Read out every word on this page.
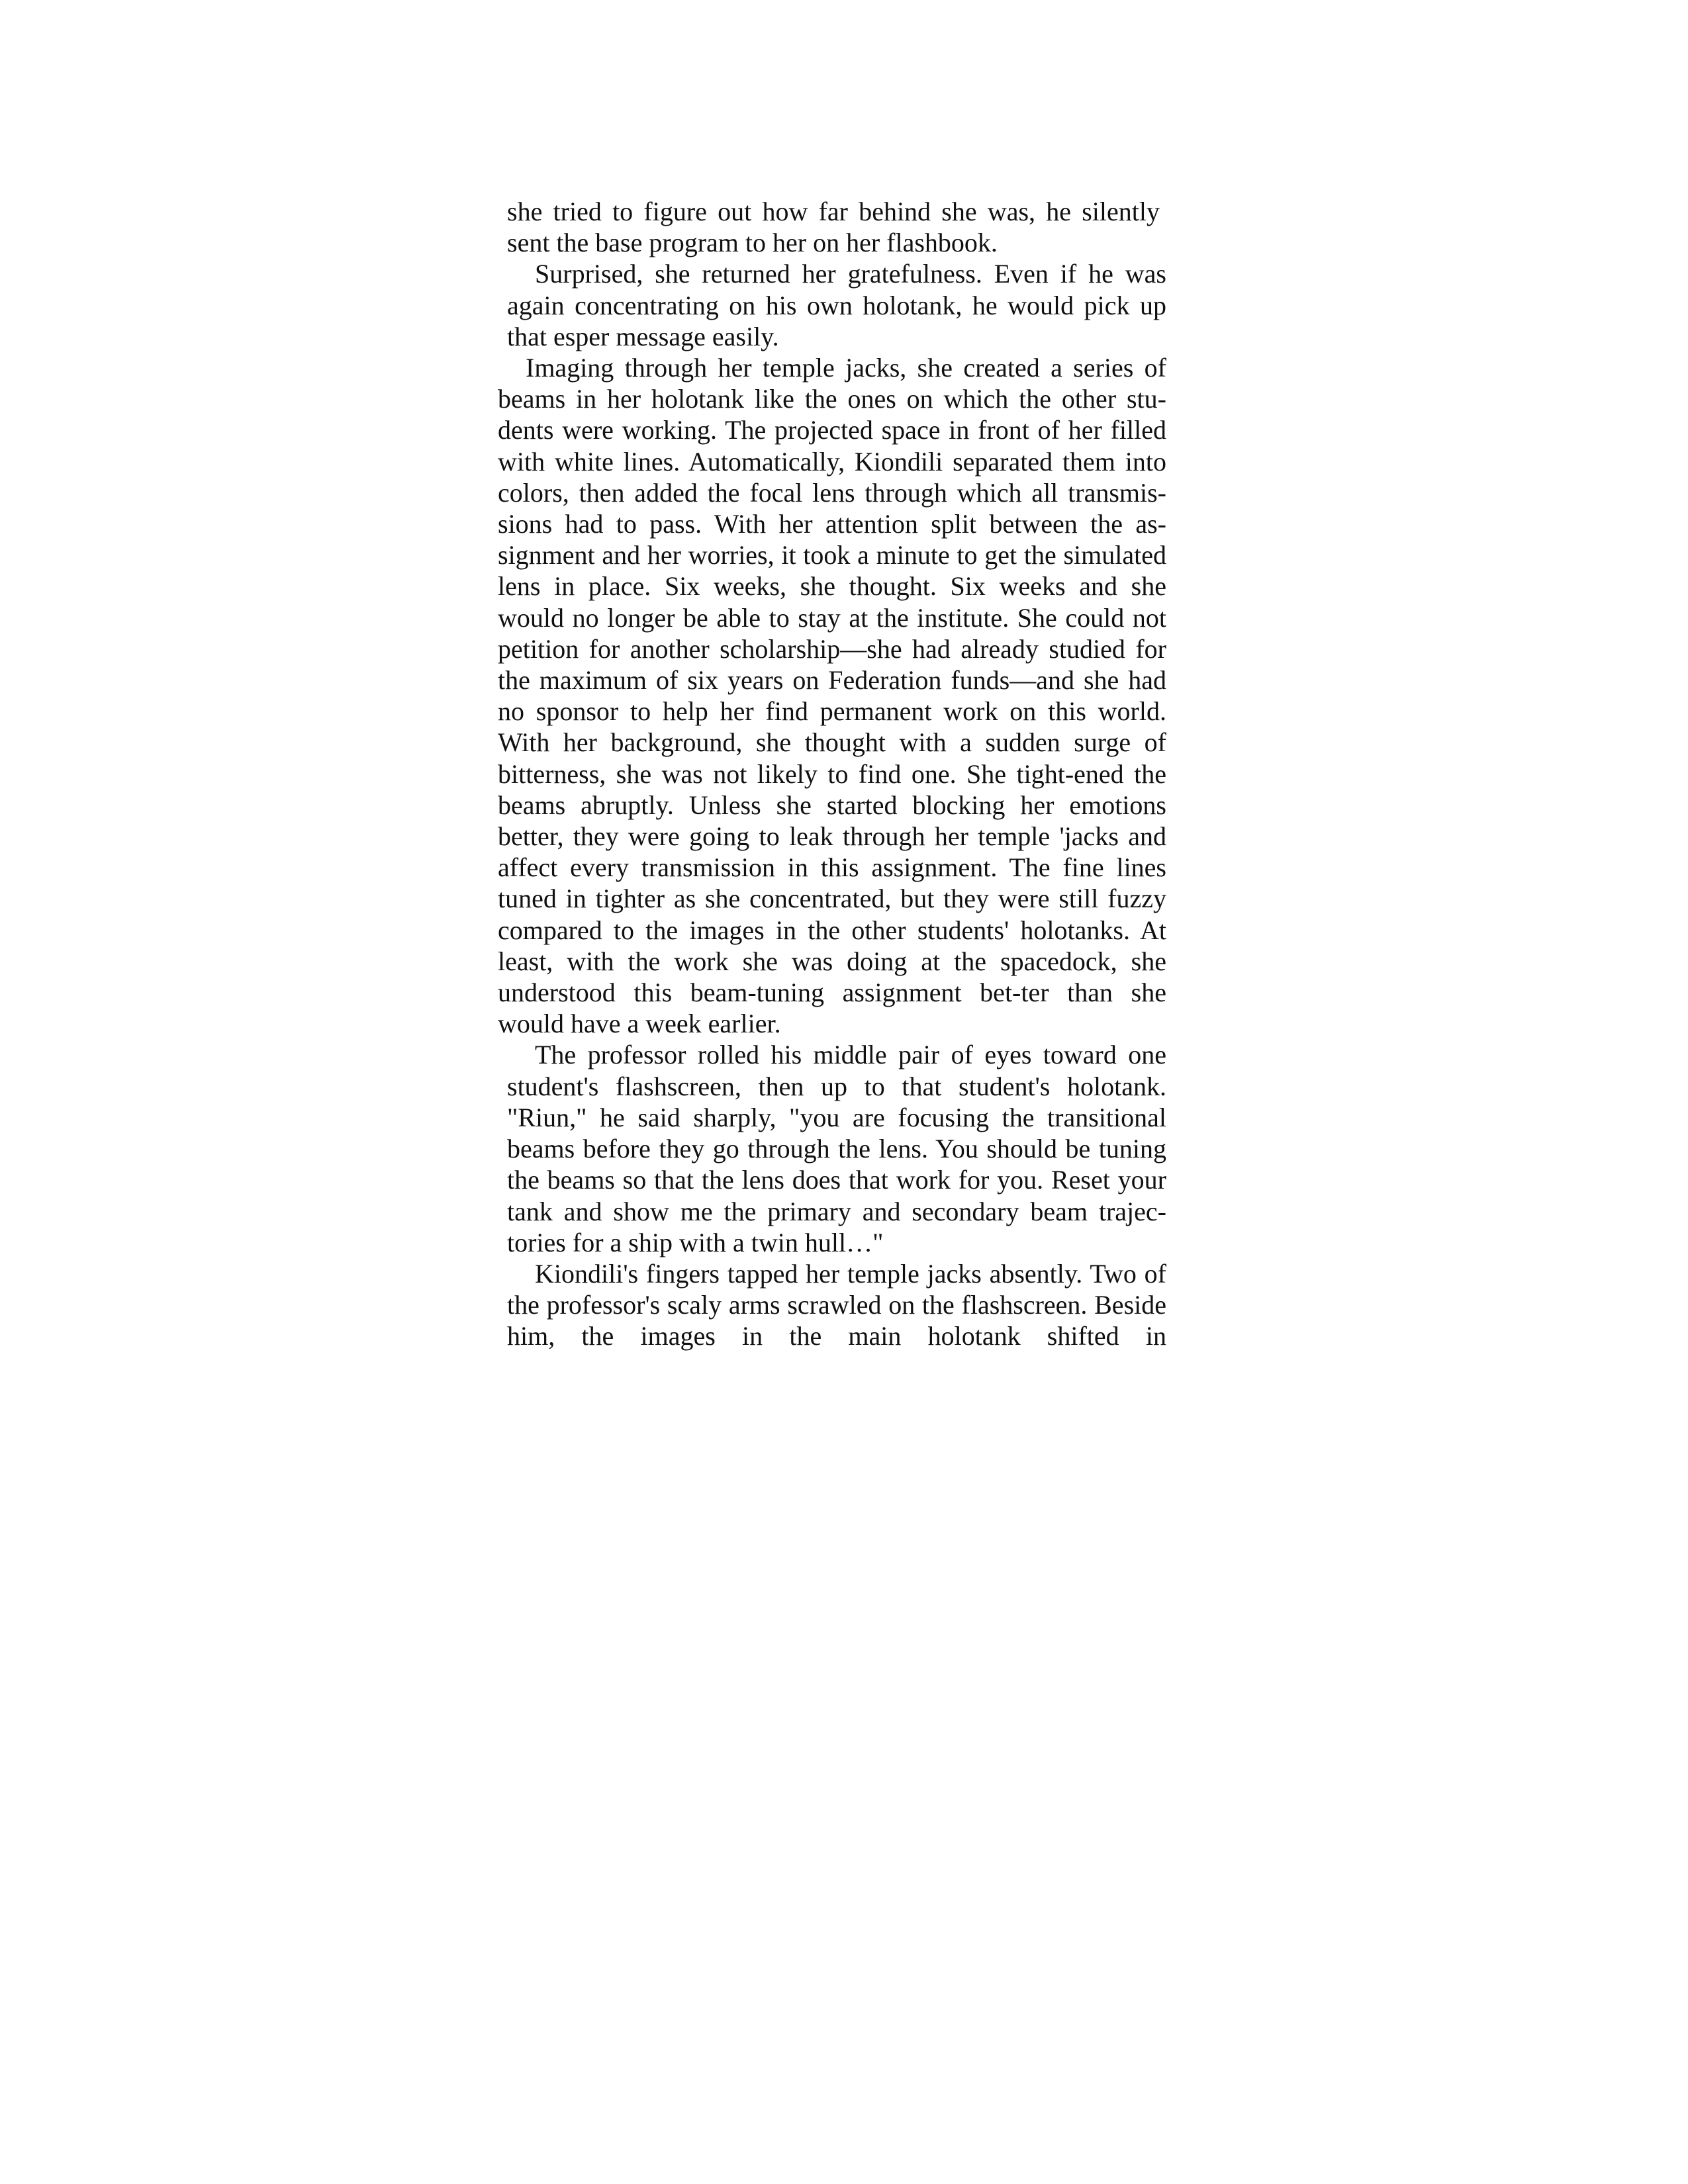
she tried to figure out how far behind she was, he silently sent the base program to her on her flashbook.

Surprised, she returned her gratefulness. Even if he was again concentrating on his own holotank, he would pick up that esper message easily.

Imaging through her temple jacks, she created a series of beams in her holotank like the ones on which the other stu-dents were working. The projected space in front of her filled with white lines. Automatically, Kiondili separated them into colors, then added the focal lens through which all transmis-sions had to pass. With her attention split between the as-signment and her worries, it took a minute to get the simulated lens in place. Six weeks, she thought. Six weeks and she would no longer be able to stay at the institute. She could not petition for another scholarship—she had already studied for the maximum of six years on Federation funds—and she had no sponsor to help her find permanent work on this world. With her background, she thought with a sudden surge of bitterness, she was not likely to find one. She tight-ened the beams abruptly. Unless she started blocking her emotions better, they were going to leak through her temple 'jacks and affect every transmission in this assignment. The fine lines tuned in tighter as she concentrated, but they were still fuzzy compared to the images in the other students' holotanks. At least, with the work she was doing at the spacedock, she understood this beam-tuning assignment bet-ter than she would have a week earlier.

The professor rolled his middle pair of eyes toward one student's flashscreen, then up to that student's holotank. "Riun," he said sharply, "you are focusing the transitional beams before they go through the lens. You should be tuning the beams so that the lens does that work for you. Reset your tank and show me the primary and secondary beam trajec-tories for a ship with a twin hull…"

Kiondili's fingers tapped her temple jacks absently. Two of the professor's scaly arms scrawled on the flashscreen. Beside him, the images in the main holotank shifted in
